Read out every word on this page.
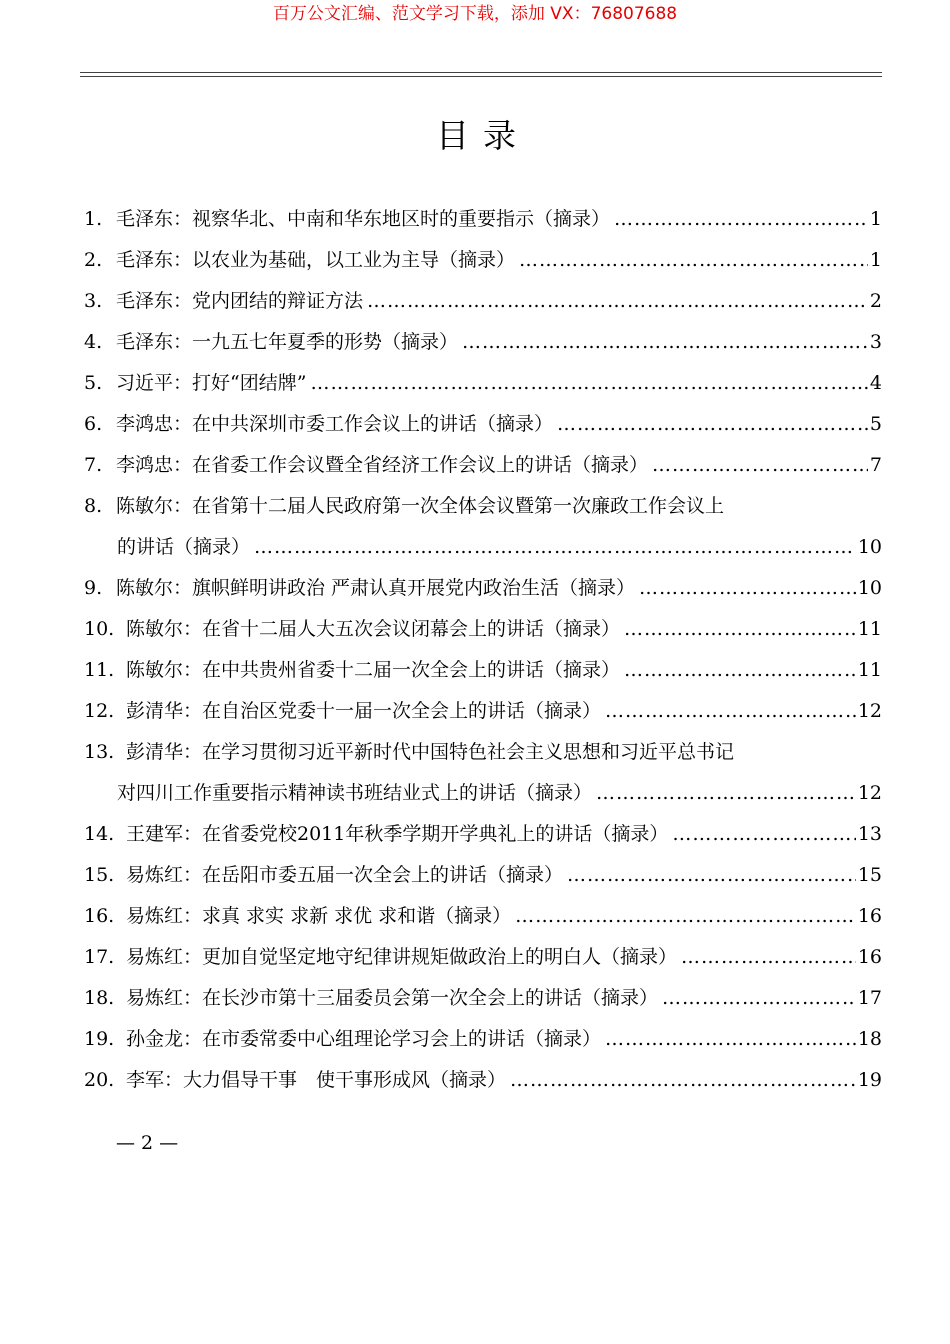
百万公文汇编、范文学习下载，添加 VX：76807688
目录
1. 毛泽东：视察华北、中南和华东地区时的重要指示（摘录） …………………………………………………………………………………………………………………………………………………………………………………………	1
2. 毛泽东：以农业为基础，以工业为主导（摘录） …………………………………………………………………………………………………………………………………………………………………………………………	1
3. 毛泽东：党内团结的辩证方法 …………………………………………………………………………………………………………………………………………………………………………………………	2
4. 毛泽东：一九五七年夏季的形势（摘录） …………………………………………………………………………………………………………………………………………………………………………………………	3
5. 习近平：打好“团结牌” …………………………………………………………………………………………………………………………………………………………………………………………	4
6. 李鸿忠：在中共深圳市委工作会议上的讲话（摘录） …………………………………………………………………………………………………………………………………………………………………………………………	5
7. 李鸿忠：在省委工作会议暨全省经济工作会议上的讲话（摘录） …………………………………………………………………………………………………………………………………………………………………………………………	7
8. 陈敏尔：在省第十二届人民政府第一次全体会议暨第一次廉政工作会议上
的讲话（摘录） …………………………………………………………………………………………………………………………………………………………………………………………	10
9. 陈敏尔：旗帜鲜明讲政治 严肃认真开展党内政治生活（摘录） …………………………………………………………………………………………………………………………………………………………………………………………	10
10. 陈敏尔：在省十二届人大五次会议闭幕会上的讲话（摘录） …………………………………………………………………………………………………………………………………………………………………………………………	11
11. 陈敏尔：在中共贵州省委十二届一次全会上的讲话（摘录） …………………………………………………………………………………………………………………………………………………………………………………………	11
12. 彭清华：在自治区党委十一届一次全会上的讲话（摘录） …………………………………………………………………………………………………………………………………………………………………………………………	12
13. 彭清华：在学习贯彻习近平新时代中国特色社会主义思想和习近平总书记
对四川工作重要指示精神读书班结业式上的讲话（摘录） …………………………………………………………………………………………………………………………………………………………………………………………	12
14. 王建军：在省委党校2011年秋季学期开学典礼上的讲话（摘录） …………………………………………………………………………………………………………………………………………………………………………………………	13
15. 易炼红：在岳阳市委五届一次全会上的讲话（摘录） …………………………………………………………………………………………………………………………………………………………………………………………	15
16. 易炼红：求真 求实 求新 求优 求和谐（摘录） …………………………………………………………………………………………………………………………………………………………………………………………	16
17. 易炼红：更加自觉坚定地守纪律讲规矩做政治上的明白人（摘录） …………………………………………………………………………………………………………………………………………………………………………………………	16
18. 易炼红：在长沙市第十三届委员会第一次全会上的讲话（摘录） …………………………………………………………………………………………………………………………………………………………………………………………	17
19. 孙金龙：在市委常委中心组理论学习会上的讲话（摘录） …………………………………………………………………………………………………………………………………………………………………………………………	18
20. 李军：大力倡导干事　使干事形成风（摘录） …………………………………………………………………………………………………………………………………………………………………………………………	19
— 2 —
